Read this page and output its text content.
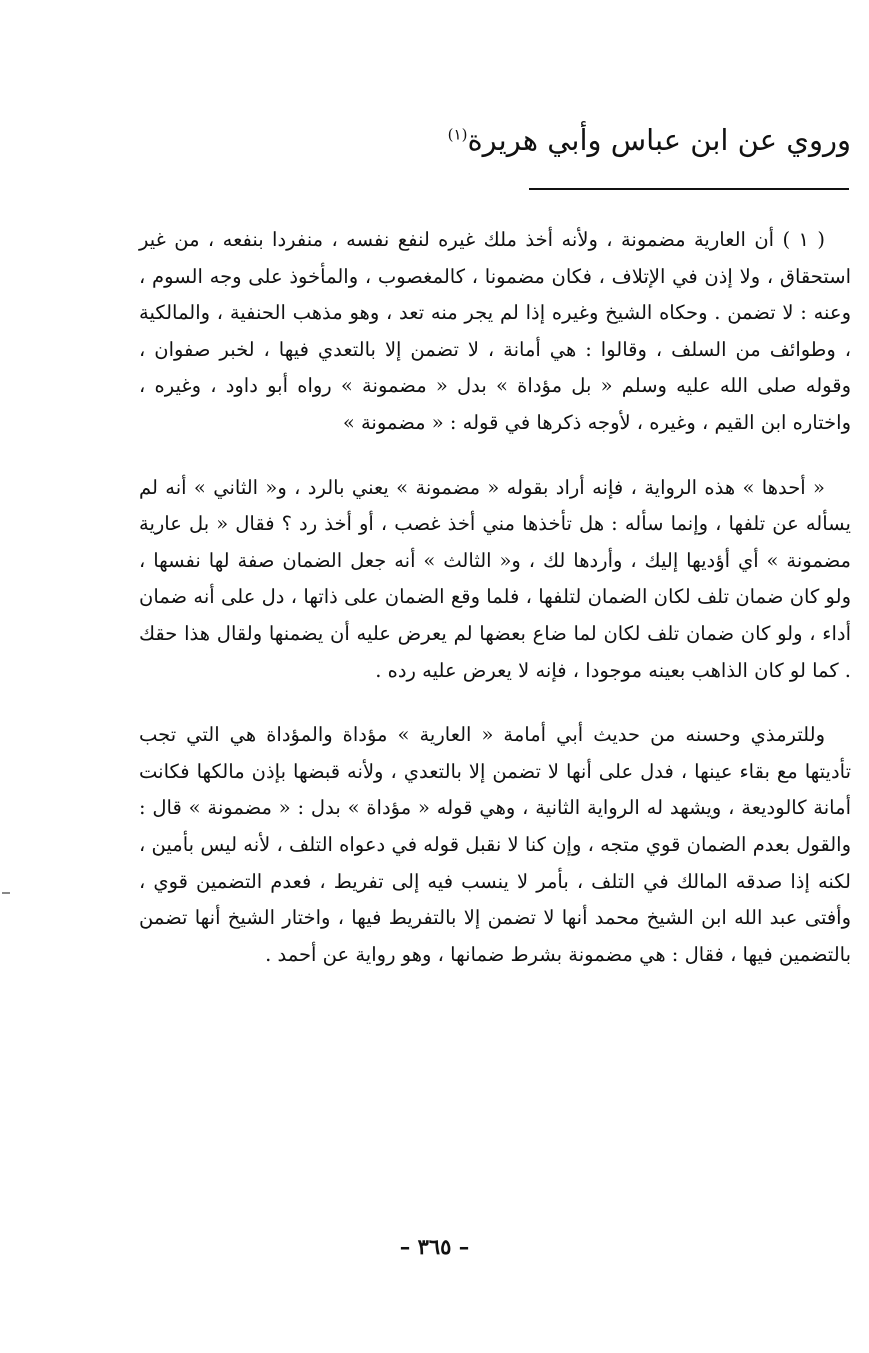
وروي عن ابن عباس وأبي هريرة$^{(١)}$

( ١ ) أن العارية مضمونة ، ولأنه أخذ ملك غيره لنفع نفسه ، منفردا بنفعه ، من غير استحقاق ، ولا إذن في الإتلاف ، فكان مضمونا ، كالمغصوب ، والمأخوذ على وجه السوم ، وعنه : لا تضمن . وحكاه الشيخ وغيره إذا لم يجر منه تعد ، وهو مذهب الحنفية ، والمالكية ، وطوائف من السلف ، وقالوا : هي أمانة ، لا تضمن إلا بالتعدي فيها ، لخبر صفوان ، وقوله صلى الله عليه وسلم « بل مؤداة » بدل « مضمونة » رواه أبو داود ، وغيره ، واختاره ابن القيم ، وغيره ، لأوجه ذكرها في قوله : « مضمونة »

« أحدها » هذه الرواية ، فإنه أراد بقوله « مضمونة » يعني بالرد ، و« الثاني » أنه لم يسأله عن تلفها ، وإنما سأله : هل تأخذها مني أخذ غصب ، أو أخذ رد ؟ فقال « بل عارية مضمونة » أي أؤديها إليك ، وأردها لك ، و« الثالث » أنه جعل الضمان صفة لها نفسها ، ولو كان ضمان تلف لكان الضمان لتلفها ، فلما وقع الضمان على ذاتها ، دل على أنه ضمان أداء ، ولو كان ضمان تلف لكان لما ضاع بعضها لم يعرض عليه أن يضمنها ولقال هذا حقك . كما لو كان الذاهب بعينه موجودا ، فإنه لا يعرض عليه رده .

وللترمذي وحسنه من حديث أبي أمامة « العارية » مؤداة والمؤداة هي التي تجب تأديتها مع بقاء عينها ، فدل على أنها لا تضمن إلا بالتعدي ، ولأنه قبضها بإذن مالكها فكانت أمانة كالوديعة ، ويشهد له الرواية الثانية ، وهي قوله « مؤداة » بدل : « مضمونة » قال : والقول بعدم الضمان قوي متجه ، وإن كنا لا نقبل قوله في دعواه التلف ، لأنه ليس بأمين ، لكنه إذا صدقه المالك في التلف ، بأمر لا ينسب فيه إلى تفريط ، فعدم التضمين قوي ، وأفتى عبد الله ابن الشيخ محمد أنها لا تضمن إلا بالتفريط فيها ، واختار الشيخ أنها تضمن بالتضمين فيها ، فقال : هي مضمونة بشرط ضمانها ، وهو رواية عن أحمد .

– ٣٦٥ –
